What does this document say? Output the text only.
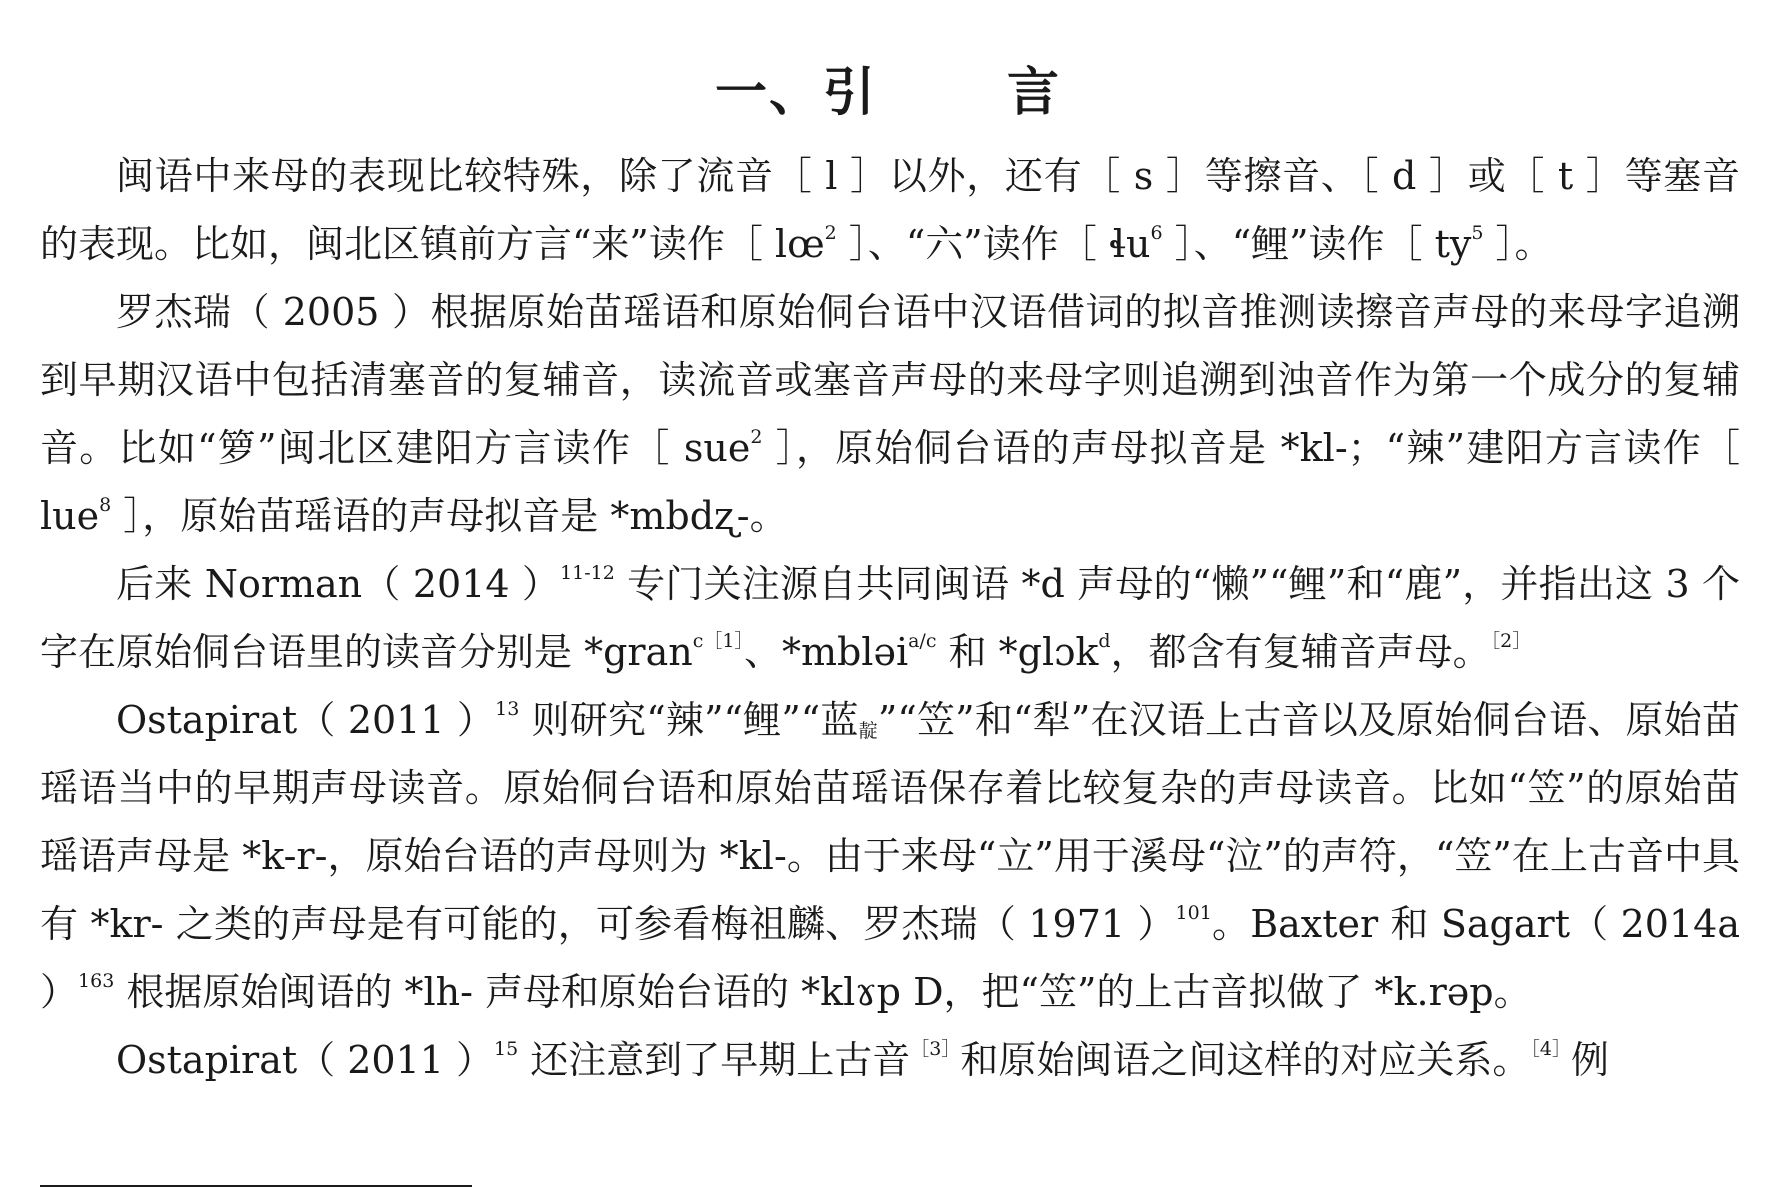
一、引	言

闽语中来母的表现比较特殊，除了流音［ l ］以外，还有［ s ］等擦音、［ d ］或［ t ］等塞音的表现。比如，闽北区镇前方言“来”读作［ $lœ^2$ ］、“六”读作［ ɬu$^6$ ］、“鲤”读作［ $ty^5$ ］。

罗杰瑞（ 2005 ）根据原始苗瑶语和原始侗台语中汉语借词的拟音推测读擦音声母的来母字追溯到早期汉语中包括清塞音的复辅音，读流音或塞音声母的来母字则追溯到浊音作为第一个成分的复辅音。比如“箩”闽北区建阳方言读作［ sue$^2$ ］，原始侗台语的声母拟音是 *kl-；“辣”建阳方言读作［ lue$^8$ ］，原始苗瑶语的声母拟音是 *mbdʐ-。

后来 Norman（ 2014 ）$^{11-12}$ 专门关注源自共同闽语 *d 声母的“懒”“鲤”和“鹿”，并指出这 3 个字在原始侗台语里的读音分别是 *gran$^{c[1]}$、*mbləi$^{a/c}$ 和 *glɔk$^d$，都含有复辅音声母。$^{[2]}$

Ostapirat（ 2011 ）$^{13}$ 则研究“辣”“鲤”“蓝$_靛$”“笠”和“犁”在汉语上古音以及原始侗台语、原始苗瑶语当中的早期声母读音。原始侗台语和原始苗瑶语保存着比较复杂的声母读音。比如“笠”的原始苗瑶语声母是 *k-r-，原始台语的声母则为 *kl-。由于来母“立”用于溪母“泣”的声符，“笠”在上古音中具有 *kr- 之类的声母是有可能的，可参看梅祖麟、罗杰瑞（ 1971 ）$^{101}$。Baxter 和 Sagart（ 2014a ）$^{163}$ 根据原始闽语的 *lh- 声母和原始台语的 *klɤp D，把“笠”的上古音拟做了 *k.rəp。

Ostapirat（ 2011 ）$^{15}$ 还注意到了早期上古音$^{[3]}$和原始闽语之间这样的对应关系。$^{[4]}$例
